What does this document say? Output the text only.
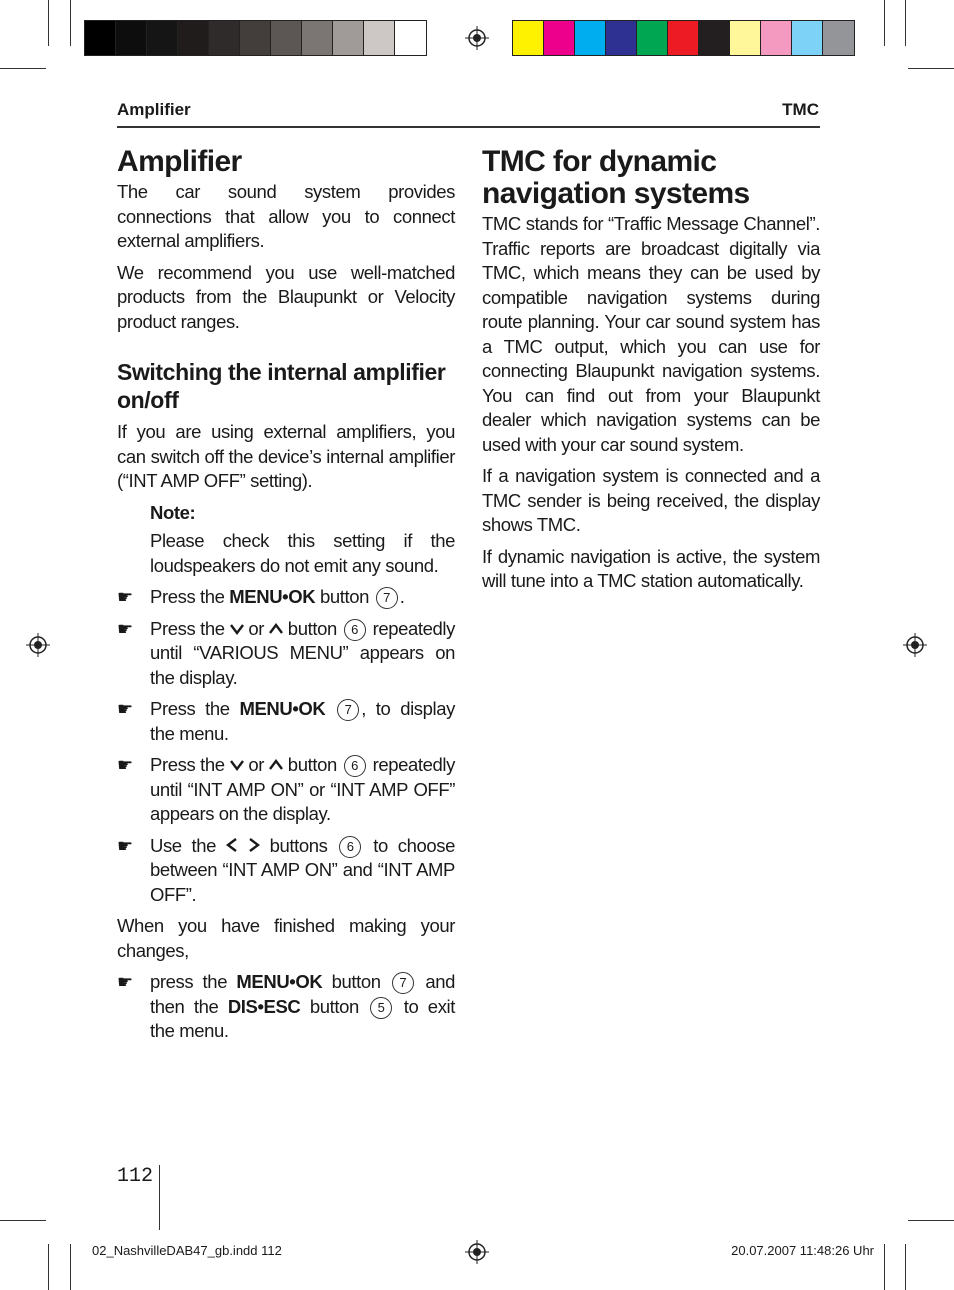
Amplifier	TMC
Amplifier

The car sound system provides connections that allow you to connect external amplifiers.

We recommend you use well-matched products from the Blaupunkt or Velocity product ranges.

Switching the internal amplifier on/off

If you are using external amplifiers, you can switch off the device’s internal amplifier (“INT AMP OFF” setting).

Note:

Please check this setting if the loudspeakers do not emit any sound.

☛ Press the MENU•OK button 7 .
☛ Press the  or  button 6 repeatedly until “VARIOUS MENU” appears on the display.
☛ Press the MENU•OK 7 , to display the menu.
☛ Press the  or  button 6 repeatedly until “INT AMP ON” or “INT AMP OFF” appears on the display.
☛ Use the   buttons 6 to choose between “INT AMP ON” and “INT AMP OFF”.

When you have finished making your changes,

☛ press the MENU•OK button 7 and then the DIS•ESC button 5 to exit the menu.
TMC for dynamic navigation systems

TMC stands for “Traffic Message Channel”. Traffic reports are broadcast digitally via TMC, which means they can be used by compatible navigation systems during route planning. Your car sound system has a TMC output, which you can use for connecting Blaupunkt navigation systems. You can find out from your Blaupunkt dealer which navigation systems can be used with your car sound system.

If a navigation system is connected and a TMC sender is being received, the display shows TMC.

If dynamic navigation is active, the system will tune into a TMC station automatically.

112
02_NashvilleDAB47_gb.indd 112	20.07.2007 11:48:26 Uhr
